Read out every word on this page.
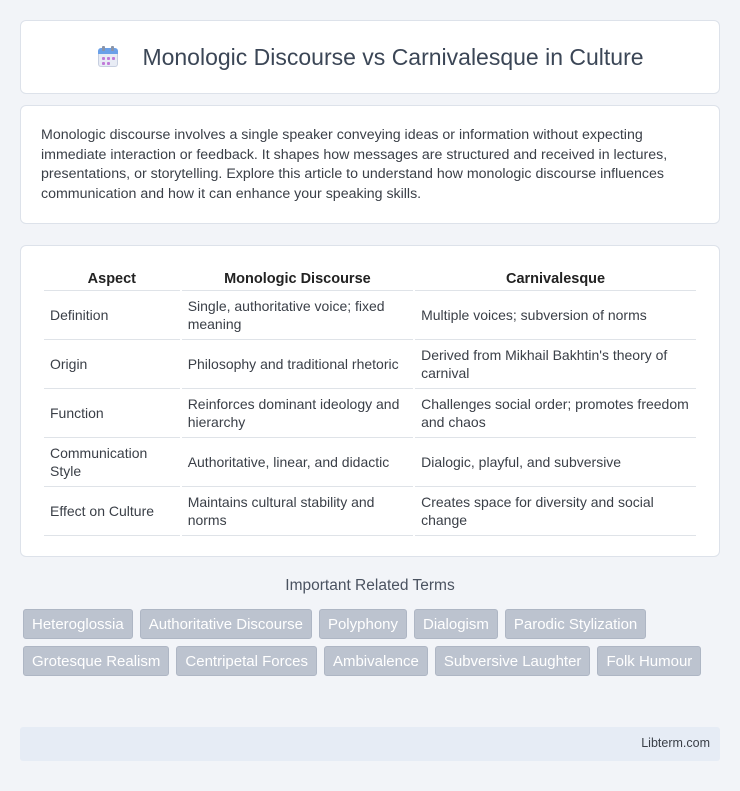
Monologic Discourse vs Carnivalesque in Culture

Monologic discourse involves a single speaker conveying ideas or information without expecting immediate interaction or feedback. It shapes how messages are structured and received in lectures, presentations, or storytelling. Explore this article to understand how monologic discourse influences communication and how it can enhance your speaking skills.

Aspect	Monologic Discourse	Carnivalesque
Definition	Single, authoritative voice; fixed meaning	Multiple voices; subversion of norms
Origin	Philosophy and traditional rhetoric	Derived from Mikhail Bakhtin's theory of carnival
Function	Reinforces dominant ideology and hierarchy	Challenges social order; promotes freedom and chaos
Communication Style	Authoritative, linear, and didactic	Dialogic, playful, and subversive
Effect on Culture	Maintains cultural stability and norms	Creates space for diversity and social change
Important Related Terms
Heteroglossia	Authoritative Discourse	Polyphony	Dialogism	Parodic Stylization
Grotesque Realism	Centripetal Forces	Ambivalence	Subversive Laughter	Folk Humour
Libterm.com
